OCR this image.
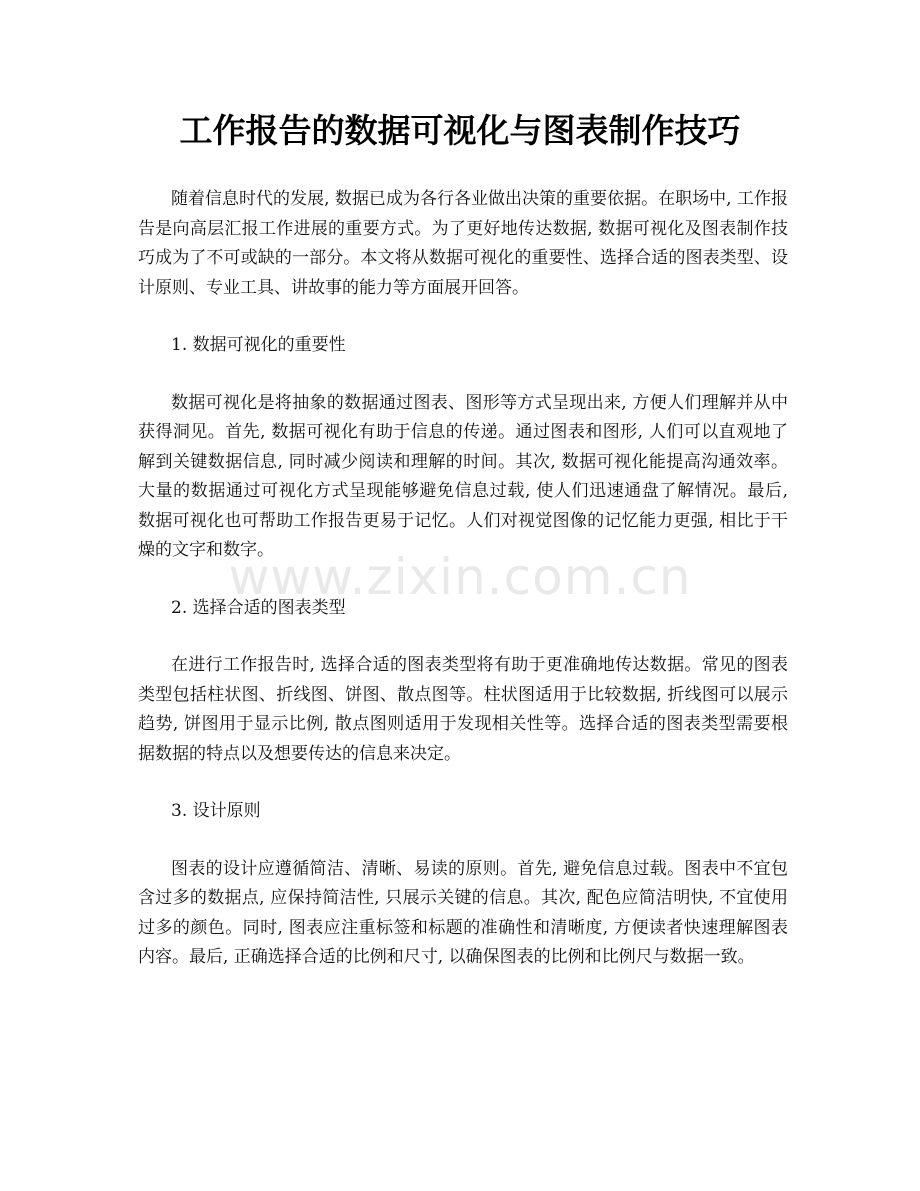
工作报告的数据可视化与图表制作技巧

随着信息时代的发展, 数据已成为各行各业做出决策的重要依据。在职场中, 工作报告是向高层汇报工作进展的重要方式。为了更好地传达数据, 数据可视化及图表制作技巧成为了不可或缺的一部分。本文将从数据可视化的重要性、选择合适的图表类型、设计原则、专业工具、讲故事的能力等方面展开回答。

1. 数据可视化的重要性

数据可视化是将抽象的数据通过图表、图形等方式呈现出来, 方便人们理解并从中获得洞见。首先, 数据可视化有助于信息的传递。通过图表和图形, 人们可以直观地了解到关键数据信息, 同时减少阅读和理解的时间。其次, 数据可视化能提高沟通效率。大量的数据通过可视化方式呈现能够避免信息过载, 使人们迅速通盘了解情况。最后, 数据可视化也可帮助工作报告更易于记忆。人们对视觉图像的记忆能力更强, 相比于干燥的文字和数字。

2. 选择合适的图表类型

在进行工作报告时, 选择合适的图表类型将有助于更准确地传达数据。常见的图表类型包括柱状图、折线图、饼图、散点图等。柱状图适用于比较数据, 折线图可以展示趋势, 饼图用于显示比例, 散点图则适用于发现相关性等。选择合适的图表类型需要根据数据的特点以及想要传达的信息来决定。

3. 设计原则

图表的设计应遵循简洁、清晰、易读的原则。首先, 避免信息过载。图表中不宜包含过多的数据点, 应保持简洁性, 只展示关键的信息。其次, 配色应简洁明快, 不宜使用过多的颜色。同时, 图表应注重标签和标题的准确性和清晰度, 方便读者快速理解图表内容。最后, 正确选择合适的比例和尺寸, 以确保图表的比例和比例尺与数据一致。

www.zixin.com.cn
